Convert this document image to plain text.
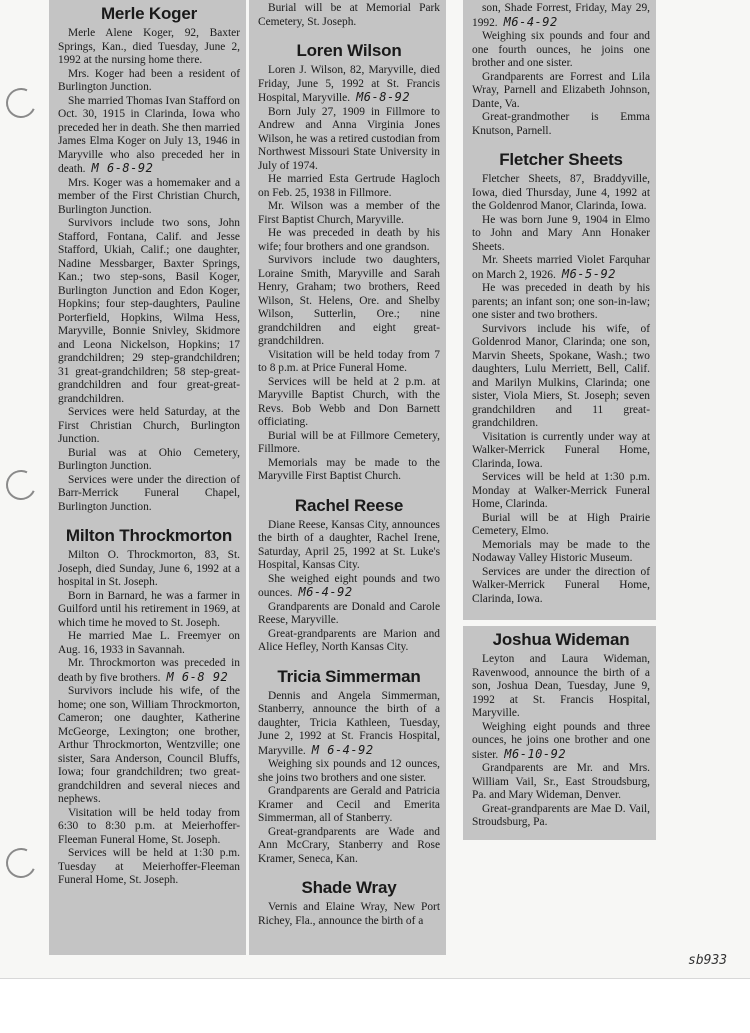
Merle Koger
Merle Alene Koger, 92, Baxter Springs, Kan., died Tuesday, June 2, 1992 at the nursing home there.
Mrs. Koger had been a resident of Burlington Junction.
She married Thomas Ivan Stafford on Oct. 30, 1915 in Clarinda, Iowa who preceded her in death. She then married James Elma Koger on July 13, 1946 in Maryville who also preceded her in death. M 6-8-92
Mrs. Koger was a homemaker and a member of the First Christian Church, Burlington Junction.
Survivors include two sons, John Stafford, Fontana, Calif. and Jesse Stafford, Ukiah, Calif.; one daughter, Nadine Messbarger, Baxter Springs, Kan.; two step-sons, Basil Koger, Burlington Junction and Edon Koger, Hopkins; four step-daughters, Pauline Porterfield, Hopkins, Wilma Hess, Maryville, Bonnie Snivley, Skidmore and Leona Nickelson, Hopkins; 17 grandchildren; 29 step-grandchildren; 31 great-grandchildren; 58 step-great-grandchildren and four great-great-grandchildren.
Services were held Saturday, at the First Christian Church, Burlington Junction.
Burial was at Ohio Cemetery, Burlington Junction.
Services were under the direction of Barr-Merrick Funeral Chapel, Burlington Junction.
Milton Throckmorton
Milton O. Throckmorton, 83, St. Joseph, died Sunday, June 6, 1992 at a hospital in St. Joseph.
Born in Barnard, he was a farmer in Guilford until his retirement in 1969, at which time he moved to St. Joseph.
He married Mae L. Freemyer on Aug. 16, 1933 in Savannah.
Mr. Throckmorton was preceded in death by five brothers. M 6-8 92
Survivors include his wife, of the home; one son, William Throckmorton, Cameron; one daughter, Katherine McGeorge, Lexington; one brother, Arthur Throckmorton, Wentzville; one sister, Sara Anderson, Council Bluffs, Iowa; four grandchildren; two great-grandchildren and several nieces and nephews.
Visitation will be held today from 6:30 to 8:30 p.m. at Meierhoffer-Fleeman Funeral Home, St. Joseph.
Services will be held at 1:30 p.m. Tuesday at Meierhoffer-Fleeman Funeral Home, St. Joseph.
Burial will be at Memorial Park Cemetery, St. Joseph.
Loren Wilson
Loren J. Wilson, 82, Maryville, died Friday, June 5, 1992 at St. Francis Hospital, Maryville. M6-8-92
Born July 27, 1909 in Fillmore to Andrew and Anna Virginia Jones Wilson, he was a retired custodian from Northwest Missouri State University in July of 1974.
He married Esta Gertrude Hagloch on Feb. 25, 1938 in Fillmore.
Mr. Wilson was a member of the First Baptist Church, Maryville.
He was preceded in death by his wife; four brothers and one grandson.
Survivors include two daughters, Loraine Smith, Maryville and Sarah Henry, Graham; two brothers, Reed Wilson, St. Helens, Ore. and Shelby Wilson, Sutterlin, Ore.; nine grandchildren and eight great-grandchildren.
Visitation will be held today from 7 to 8 p.m. at Price Funeral Home.
Services will be held at 2 p.m. at Maryville Baptist Church, with the Revs. Bob Webb and Don Barnett officiating.
Burial will be at Fillmore Cemetery, Fillmore.
Memorials may be made to the Maryville First Baptist Church.
Rachel Reese
Diane Reese, Kansas City, announces the birth of a daughter, Rachel Irene, Saturday, April 25, 1992 at St. Luke's Hospital, Kansas City.
She weighed eight pounds and two ounces. M6-4-92
Grandparents are Donald and Carole Reese, Maryville.
Great-grandparents are Marion and Alice Hefley, North Kansas City.
Tricia Simmerman
Dennis and Angela Simmerman, Stanberry, announce the birth of a daughter, Tricia Kathleen, Tuesday, June 2, 1992 at St. Francis Hospital, Maryville. M 6-4-92
Weighing six pounds and 12 ounces, she joins two brothers and one sister.
Grandparents are Gerald and Patricia Kramer and Cecil and Emerita Simmerman, all of Stanberry.
Great-grandparents are Wade and Ann McCrary, Stanberry and Rose Kramer, Seneca, Kan.
Shade Wray
Vernis and Elaine Wray, New Port Richey, Fla., announce the birth of a
son, Shade Forrest, Friday, May 29, 1992. M6-4-92
Weighing six pounds and four and one fourth ounces, he joins one brother and one sister.
Grandparents are Forrest and Lila Wray, Parnell and Elizabeth Johnson, Dante, Va.
Great-grandmother is Emma Knutson, Parnell.
Fletcher Sheets
Fletcher Sheets, 87, Braddyville, Iowa, died Thursday, June 4, 1992 at the Goldenrod Manor, Clarinda, Iowa.
He was born June 9, 1904 in Elmo to John and Mary Ann Honaker Sheets.
Mr. Sheets married Violet Farquhar on March 2, 1926. M6-5-92
He was preceded in death by his parents; an infant son; one son-in-law; one sister and two brothers.
Survivors include his wife, of Goldenrod Manor, Clarinda; one son, Marvin Sheets, Spokane, Wash.; two daughters, Lulu Merriett, Bell, Calif. and Marilyn Mulkins, Clarinda; one sister, Viola Miers, St. Joseph; seven grandchildren and 11 great-grandchildren.
Visitation is currently under way at Walker-Merrick Funeral Home, Clarinda, Iowa.
Services will be held at 1:30 p.m. Monday at Walker-Merrick Funeral Home, Clarinda.
Burial will be at High Prairie Cemetery, Elmo.
Memorials may be made to the Nodaway Valley Historic Museum.
Services are under the direction of Walker-Merrick Funeral Home, Clarinda, Iowa.
Joshua Wideman
Leyton and Laura Wideman, Ravenwood, announce the birth of a son, Joshua Dean, Tuesday, June 9, 1992 at St. Francis Hospital, Maryville.
Weighing eight pounds and three ounces, he joins one brother and one sister. M6-10-92
Grandparents are Mr. and Mrs. William Vail, Sr., East Stroudsburg, Pa. and Mary Wideman, Denver.
Great-grandparents are Mae D. Vail, Stroudsburg, Pa.
sb933
